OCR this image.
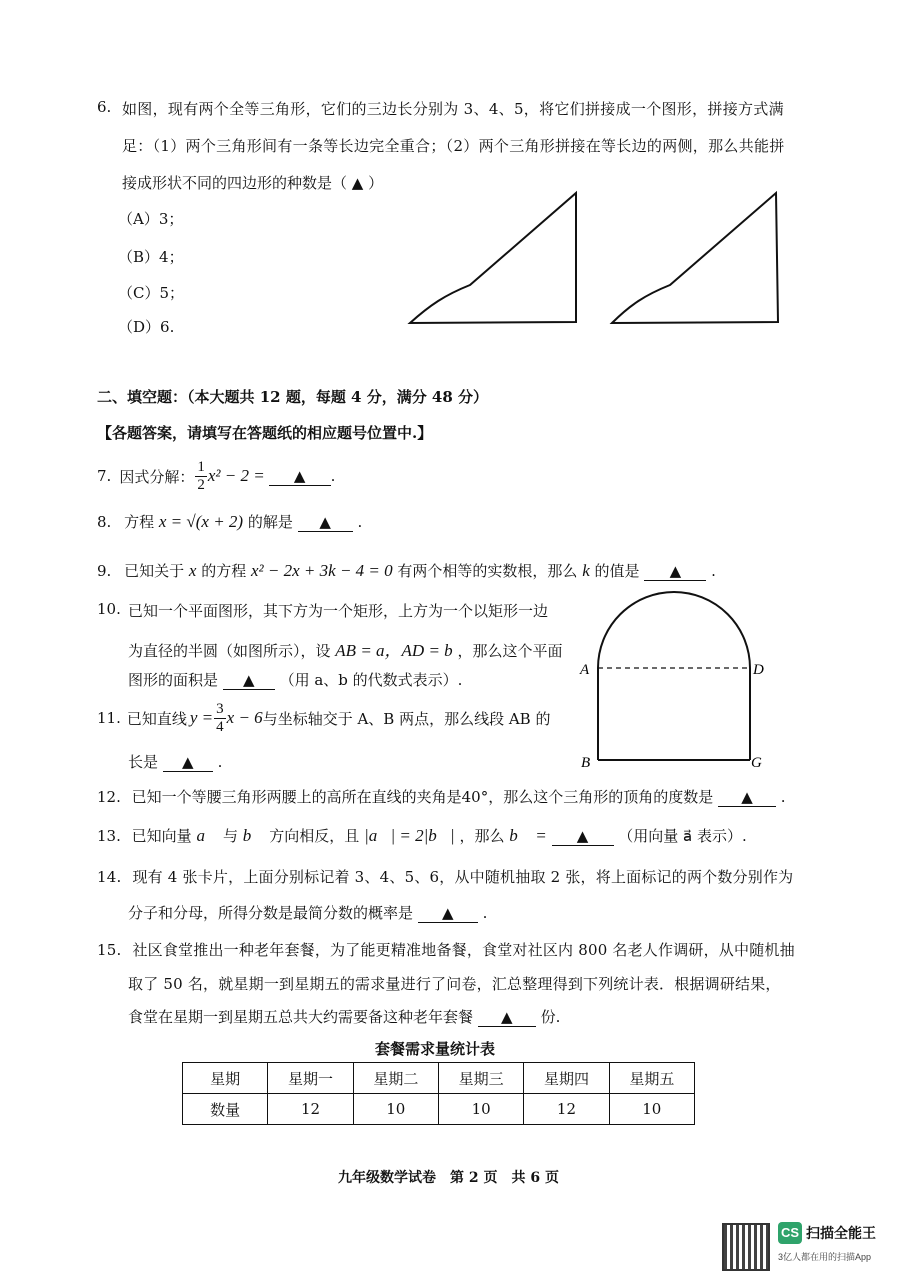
6. 如图，现有两个全等三角形，它们的三边长分别为 3、4、5，将它们拼接成一个图形，拼接方式满
足：（1）两个三角形间有一条等长边完全重合；（2）两个三角形拼接在等长边的两侧，那么共能拼
接成形状不同的四边形的种数是（ ▲ ）
（A）3；
（B）4；
（C）5；
（D）6.
二、填空题：（本大题共 12 题，每题 4 分，满分 48 分）
【各题答案，请填写在答题纸的相应题号位置中.】
7. 因式分解： $\frac{1}{2} x^2 - 2$ =	▲	.
8. 方程 x = √(x + 2) 的解是 ▲ .
9. 已知关于 x 的方程 x² − 2x + 3k − 4 = 0 有两个相等的实数根，那么 k 的值是 ▲ .
10. 已知一个平面图形，其下方为一个矩形，上方为一个以矩形一边
为直径的半圆（如图所示），设 AB = a，AD = b ，那么这个平面
图形的面积是 ▲ （用 a、b 的代数式表示）.
A	D
B	G
11. 已知直线 $y = \frac{3}{4}$ x − 6 与坐标轴交于 A、B 两点，那么线段 AB 的
长是 ▲ .
12. 已知一个等腰三角形两腰上的高所在直线的夹角是40°，那么这个三角形的顶角的度数是 ▲ .
13. 已知向量 a⃗ 与 b⃗ 方向相反，且 |a⃗| = 2|b⃗| ，那么 b⃗ = ▲ （用向量 a⃗ 表示）.
14. 现有 4 张卡片，上面分别标记着 3、4、5、6，从中随机抽取 2 张，将上面标记的两个数分别作为
分子和分母，所得分数是最简分数的概率是 ▲ .
15. 社区食堂推出一种老年套餐，为了能更精准地备餐，食堂对社区内 800 名老人作调研，从中随机抽
取了 50 名，就星期一到星期五的需求量进行了问卷，汇总整理得到下列统计表．根据调研结果，
食堂在星期一到星期五总共大约需要备这种老年套餐 ▲ 份.
套餐需求量统计表
星期	星期一	星期二	星期三	星期四	星期五
数量	12	10	10	12	10
九年级数学试卷　第 2 页　共 6 页
CS 扫描全能王
3亿人都在用的扫描App
